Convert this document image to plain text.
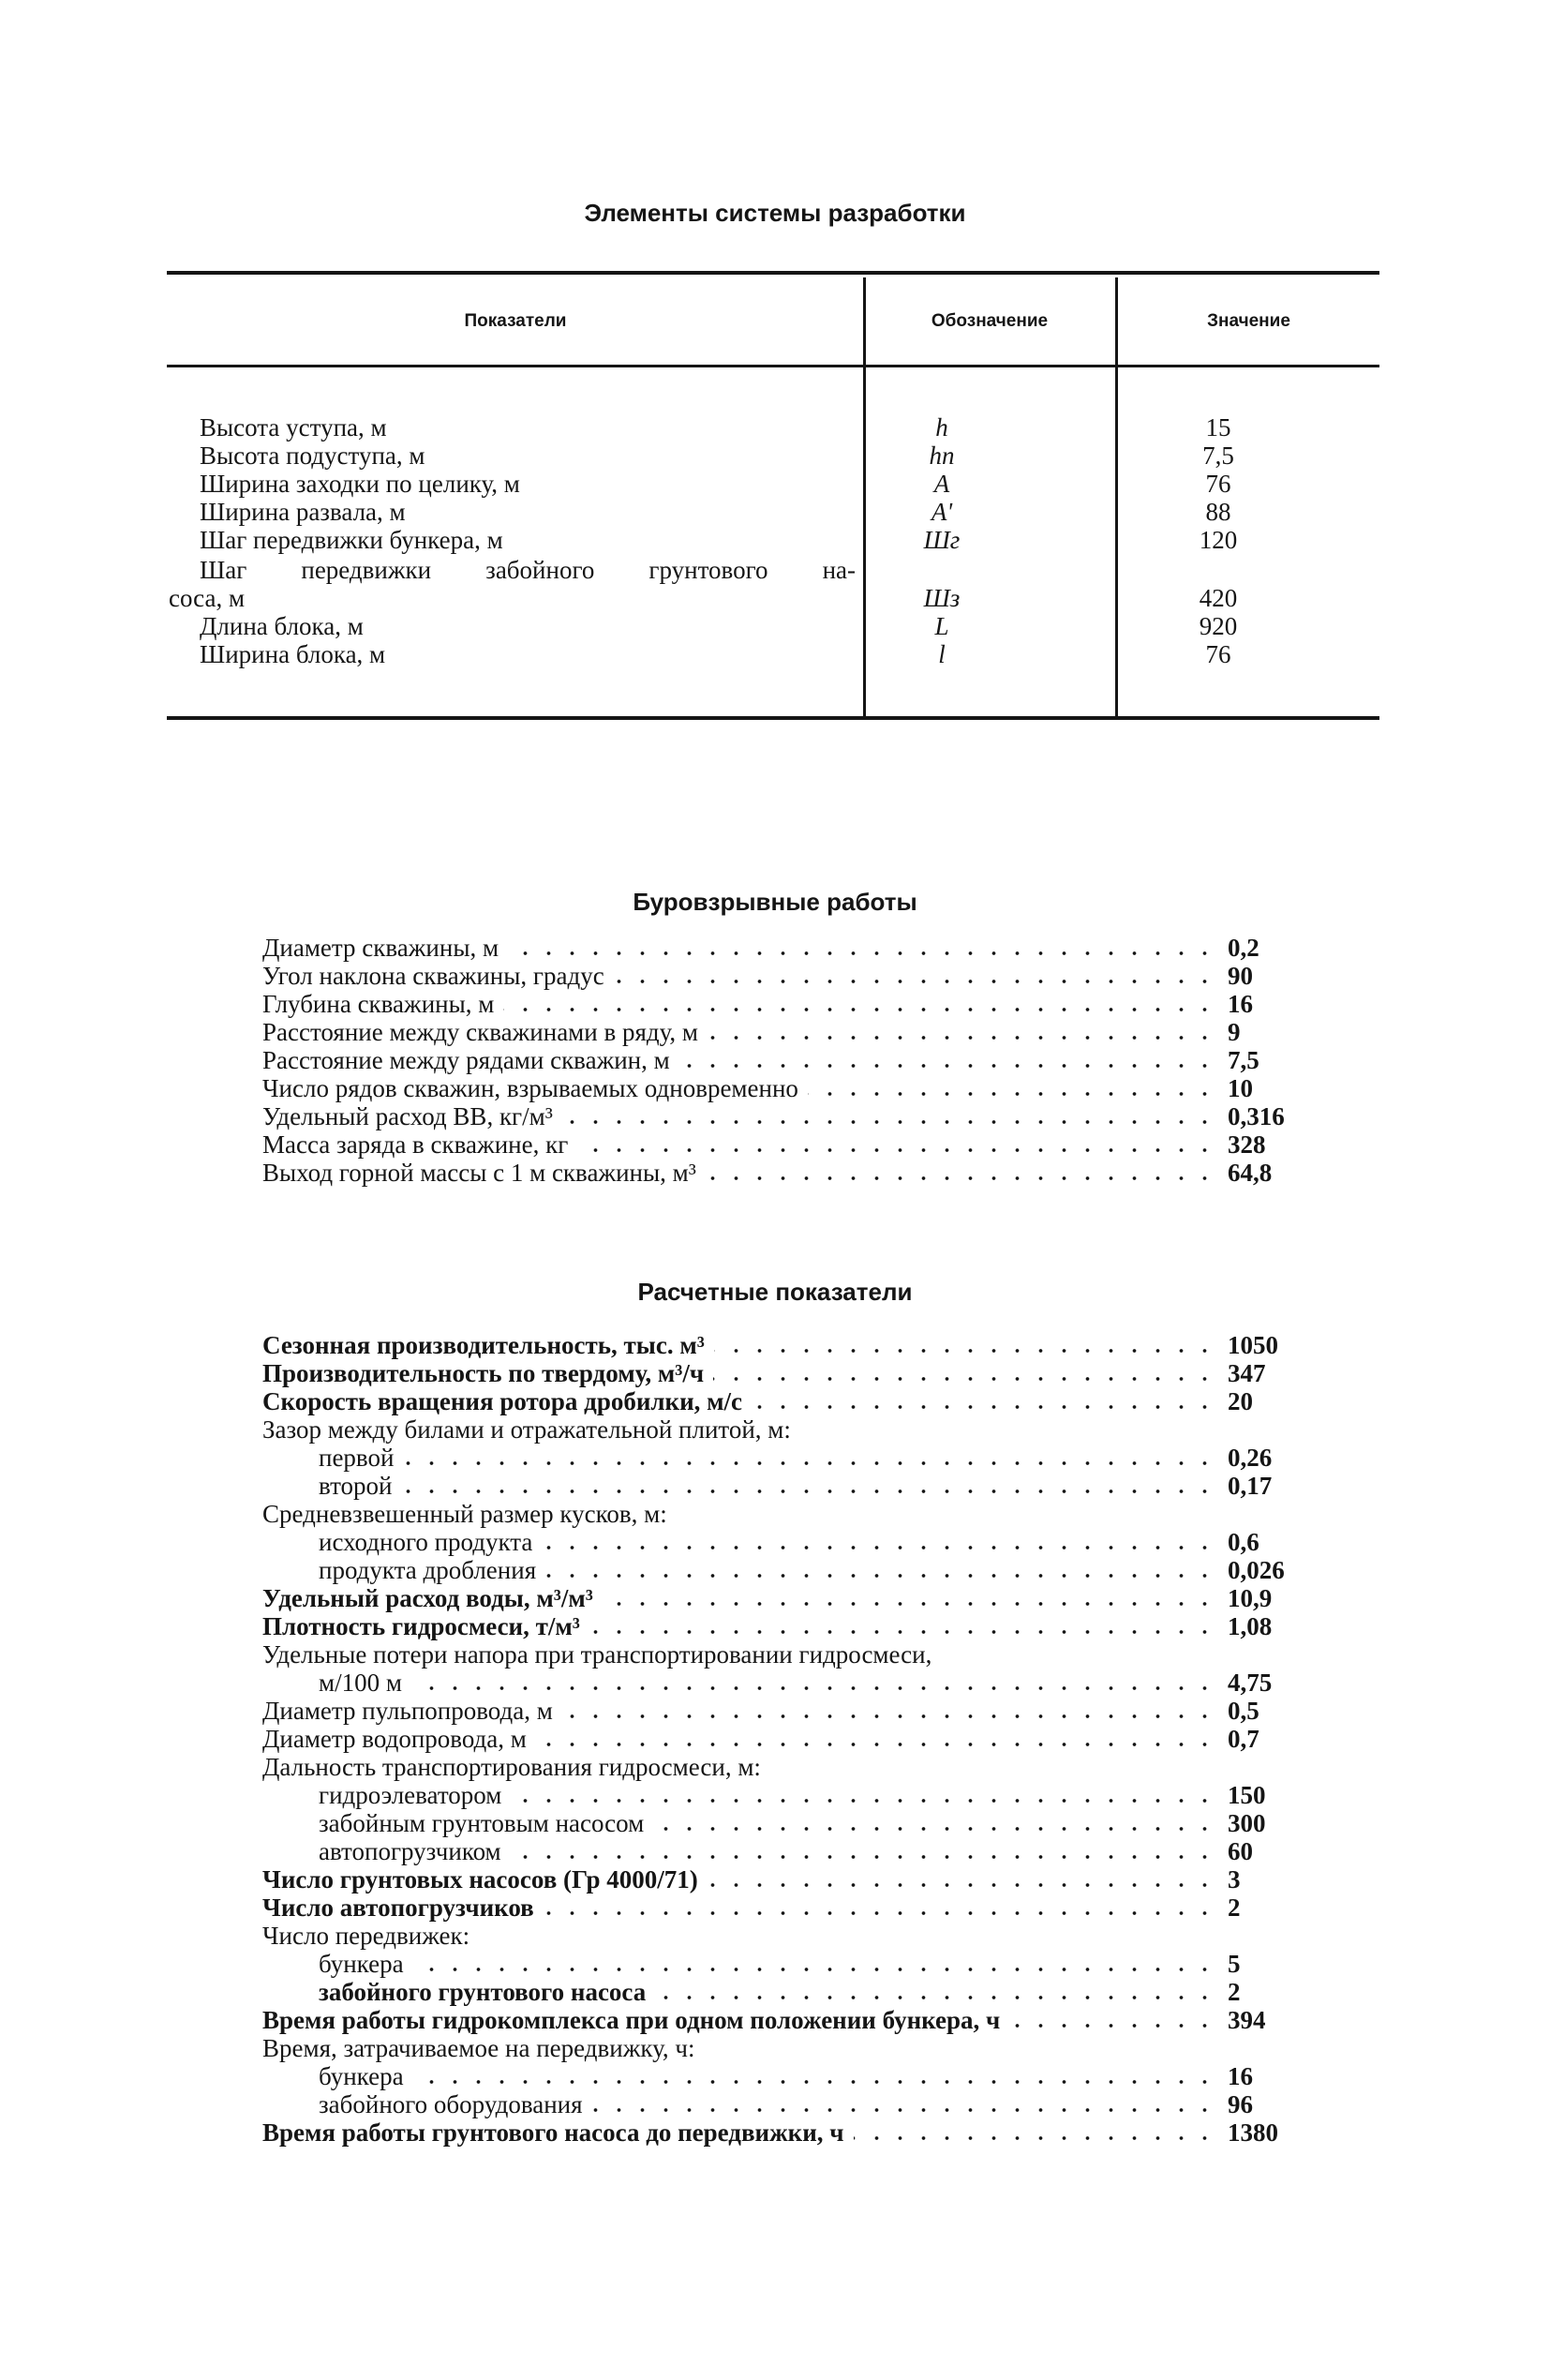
Элементы системы разработки
Показатели	Обозначение	Значение
Высота уступа, м	h	15
Высота подуступа, м	hп	7,5
Ширина заходки по целику, м	A	76
Ширина развала, м	A'	88
Шаг передвижки бункера, м	Шг	120
Шаг передвижки забойного грунтового на-
соса, м	Шз	420
Длина блока, м	L	920
Ширина блока, м	l	76
Буровзрывные работы
Диаметр скважины, м	0,2
Угол наклона скважины, градус	90
Глубина скважины, м	16
Расстояние между скважинами в ряду, м	9
Расстояние между рядами скважин, м	7,5
Число рядов скважин, взрываемых одновременно	10
Удельный расход ВВ, кг/м³	0,316
Масса заряда в скважине, кг	328
Выход горной массы с 1 м скважины, м³	64,8
Расчетные показатели
Сезонная производительность, тыс. м³	1050
Производительность по твердому, м³/ч	347
Скорость вращения ротора дробилки, м/с	20
Зазор между билами и отражательной плитой, м:
первой	0,26
второй	0,17
Средневзвешенный размер кусков, м:
исходного продукта	0,6
продукта дробления	0,026
Удельный расход воды, м³/м³	10,9
Плотность гидросмеси, т/м³	1,08
Удельные потери напора при транспортировании гидросмеси,
м/100 м	4,75
Диаметр пульпопровода, м	0,5
Диаметр водопровода, м	0,7
Дальность транспортирования гидросмеси, м:
гидроэлеватором	150
забойным грунтовым насосом	300
автопогрузчиком	60
Число грунтовых насосов (Гр 4000/71)	3
Число автопогрузчиков	2
Число передвижек:
бункера	5
забойного грунтового насоса	2
Время работы гидрокомплекса при одном положении бункера, ч	394
Время, затрачиваемое на передвижку, ч:
бункера	16
забойного оборудования	96
Время работы грунтового насоса до передвижки, ч	1380
